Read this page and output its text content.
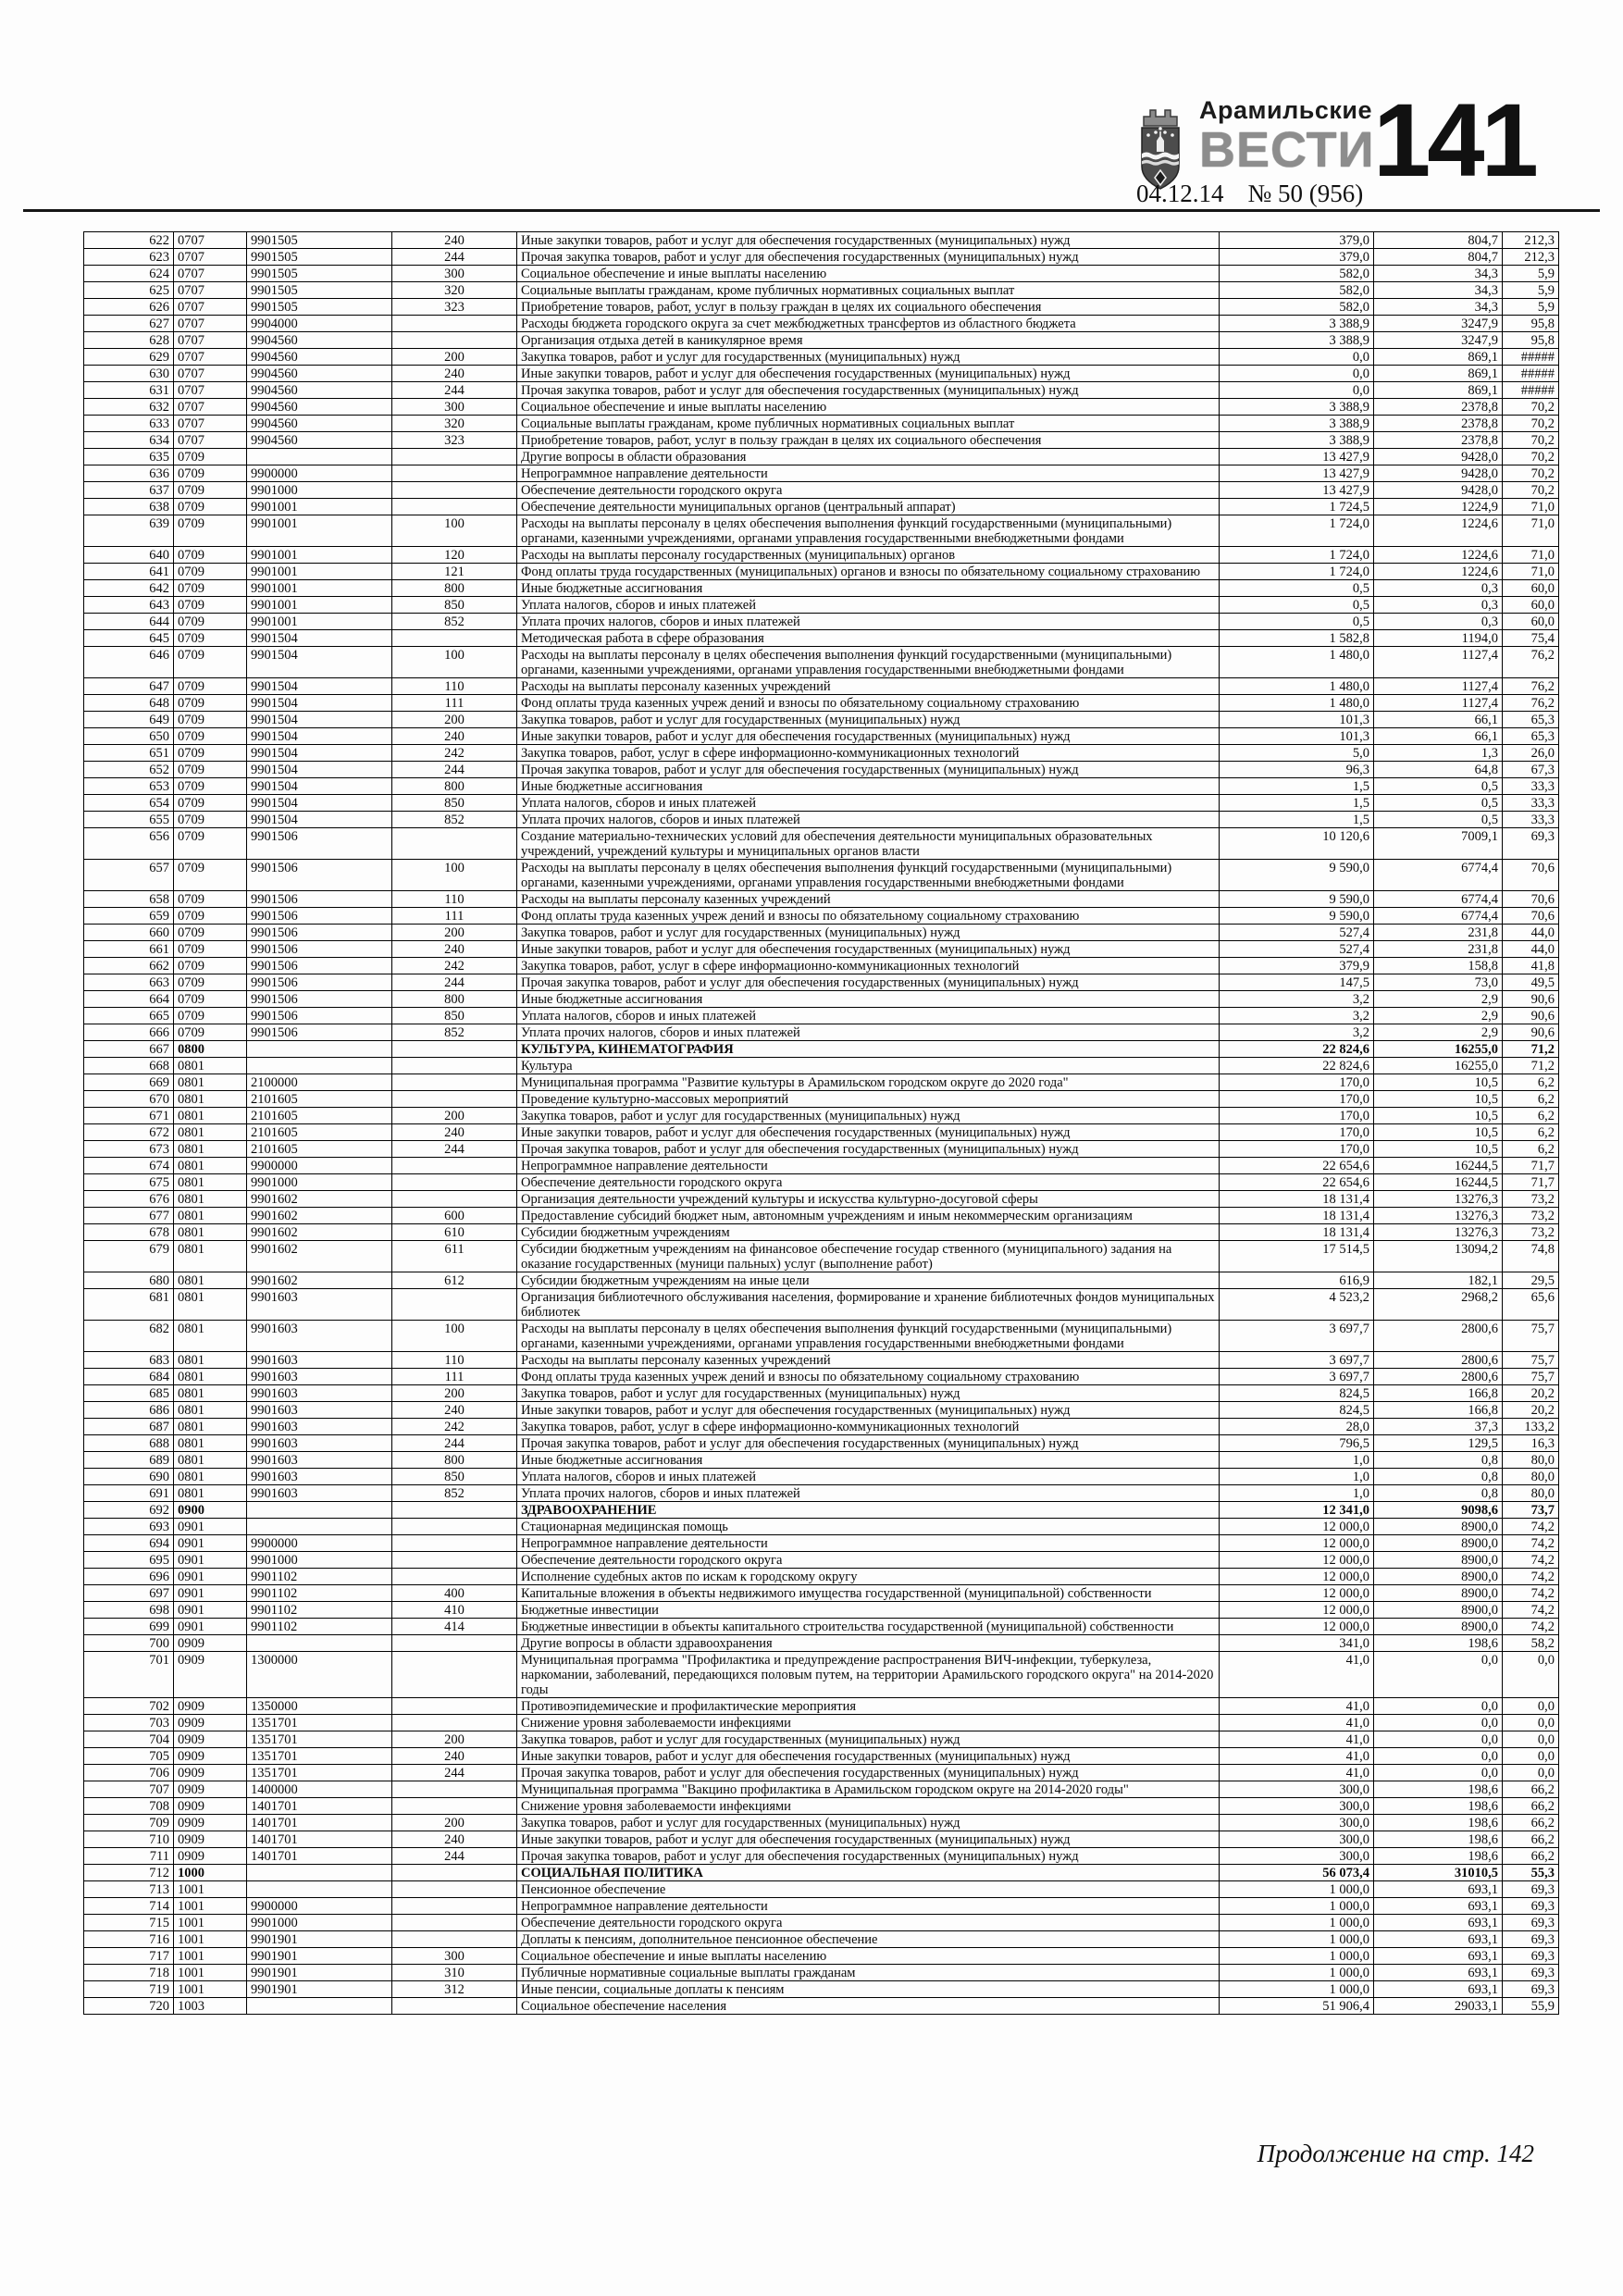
Арамильские
ВЕСТИ
141
04.12.14 № 50 (956)
622	0707	9901505	240	Иные закупки товаров, работ и услуг для обеспечения государственных (муниципальных) нужд	379,0	804,7	212,3
623	0707	9901505	244	Прочая закупка товаров, работ и услуг для обеспечения государственных (муниципальных) нужд	379,0	804,7	212,3
624	0707	9901505	300	Социальное обеспечение и иные выплаты населению	582,0	34,3	5,9
625	0707	9901505	320	Социальные выплаты гражданам, кроме публичных нормативных социальных выплат	582,0	34,3	5,9
626	0707	9901505	323	Приобретение товаров, работ, услуг в пользу граждан в целях их социального обеспечения	582,0	34,3	5,9
627	0707	9904000		Расходы бюджета городского округа за счет межбюджетных трансфертов из областного бюджета	3 388,9	3247,9	95,8
628	0707	9904560		Организация отдыха детей в каникулярное время	3 388,9	3247,9	95,8
629	0707	9904560	200	Закупка товаров, работ и услуг для государственных (муниципальных) нужд	0,0	869,1	#####
630	0707	9904560	240	Иные закупки товаров, работ и услуг для обеспечения государственных (муниципальных) нужд	0,0	869,1	#####
631	0707	9904560	244	Прочая закупка товаров, работ и услуг для обеспечения государственных (муниципальных) нужд	0,0	869,1	#####
632	0707	9904560	300	Социальное обеспечение и иные выплаты населению	3 388,9	2378,8	70,2
633	0707	9904560	320	Социальные выплаты гражданам, кроме публичных нормативных социальных выплат	3 388,9	2378,8	70,2
634	0707	9904560	323	Приобретение товаров, работ, услуг в пользу граждан в целях их социального обеспечения	3 388,9	2378,8	70,2
635	0709			Другие вопросы в области образования	13 427,9	9428,0	70,2
636	0709	9900000		Непрограммное направление деятельности	13 427,9	9428,0	70,2
637	0709	9901000		Обеспечение деятельности городского округа	13 427,9	9428,0	70,2
638	0709	9901001		Обеспечение деятельности муниципальных органов (центральный аппарат)	1 724,5	1224,9	71,0
639	0709	9901001	100	Расходы на выплаты персоналу в целях обеспечения выполнения функций государственными (муниципальными) органами, казенными учреждениями, органами управления государственными внебюджетными фондами	1 724,0	1224,6	71,0
640	0709	9901001	120	Расходы на выплаты персоналу государственных (муниципальных) органов	1 724,0	1224,6	71,0
641	0709	9901001	121	Фонд оплаты труда государственных (муниципальных) органов и взносы по обязательному социальному страхованию	1 724,0	1224,6	71,0
642	0709	9901001	800	Иные бюджетные ассигнования	0,5	0,3	60,0
643	0709	9901001	850	Уплата налогов, сборов и иных платежей	0,5	0,3	60,0
644	0709	9901001	852	Уплата прочих налогов, сборов и иных платежей	0,5	0,3	60,0
645	0709	9901504		Методическая работа в сфере образования	1 582,8	1194,0	75,4
646	0709	9901504	100	Расходы на выплаты персоналу в целях обеспечения выполнения функций государственными (муниципальными) органами, казенными учреждениями, органами управления государственными внебюджетными фондами	1 480,0	1127,4	76,2
647	0709	9901504	110	Расходы на выплаты персоналу казенных учреждений	1 480,0	1127,4	76,2
648	0709	9901504	111	Фонд оплаты труда казенных учреж дений и взносы по обязательному социальному страхованию	1 480,0	1127,4	76,2
649	0709	9901504	200	Закупка товаров, работ и услуг для государственных (муниципальных) нужд	101,3	66,1	65,3
650	0709	9901504	240	Иные закупки товаров, работ и услуг для обеспечения государственных (муниципальных) нужд	101,3	66,1	65,3
651	0709	9901504	242	Закупка товаров, работ, услуг в сфере информационно-коммуникационных технологий	5,0	1,3	26,0
652	0709	9901504	244	Прочая закупка товаров, работ и услуг для обеспечения государственных (муниципальных) нужд	96,3	64,8	67,3
653	0709	9901504	800	Иные бюджетные ассигнования	1,5	0,5	33,3
654	0709	9901504	850	Уплата налогов, сборов и иных платежей	1,5	0,5	33,3
655	0709	9901504	852	Уплата прочих налогов, сборов и иных платежей	1,5	0,5	33,3
656	0709	9901506		Создание материально-технических условий для обеспечения деятельности муниципальных образовательных учреждений, учреждений культуры и муниципальных органов власти	10 120,6	7009,1	69,3
657	0709	9901506	100	Расходы на выплаты персоналу в целях обеспечения выполнения функций государственными (муниципальными) органами, казенными учреждениями, органами управления государственными внебюджетными фондами	9 590,0	6774,4	70,6
658	0709	9901506	110	Расходы на выплаты персоналу казенных учреждений	9 590,0	6774,4	70,6
659	0709	9901506	111	Фонд оплаты труда казенных учреж дений и взносы по обязательному социальному страхованию	9 590,0	6774,4	70,6
660	0709	9901506	200	Закупка товаров, работ и услуг для государственных (муниципальных) нужд	527,4	231,8	44,0
661	0709	9901506	240	Иные закупки товаров, работ и услуг для обеспечения государственных (муниципальных) нужд	527,4	231,8	44,0
662	0709	9901506	242	Закупка товаров, работ, услуг в сфере информационно-коммуникационных технологий	379,9	158,8	41,8
663	0709	9901506	244	Прочая закупка товаров, работ и услуг для обеспечения государственных (муниципальных) нужд	147,5	73,0	49,5
664	0709	9901506	800	Иные бюджетные ассигнования	3,2	2,9	90,6
665	0709	9901506	850	Уплата налогов, сборов и иных платежей	3,2	2,9	90,6
666	0709	9901506	852	Уплата прочих налогов, сборов и иных платежей	3,2	2,9	90,6
667	0800			КУЛЬТУРА, КИНЕМАТОГРАФИЯ	22 824,6	16255,0	71,2
668	0801			Культура	22 824,6	16255,0	71,2
669	0801	2100000		Муниципальная программа "Развитие культуры в Арамильском городском округе до 2020 года"	170,0	10,5	6,2
670	0801	2101605		Проведение культурно-массовых мероприятий	170,0	10,5	6,2
671	0801	2101605	200	Закупка товаров, работ и услуг для государственных (муниципальных) нужд	170,0	10,5	6,2
672	0801	2101605	240	Иные закупки товаров, работ и услуг для обеспечения государственных (муниципальных) нужд	170,0	10,5	6,2
673	0801	2101605	244	Прочая закупка товаров, работ и услуг для обеспечения государственных (муниципальных) нужд	170,0	10,5	6,2
674	0801	9900000		Непрограммное направление деятельности	22 654,6	16244,5	71,7
675	0801	9901000		Обеспечение деятельности городского округа	22 654,6	16244,5	71,7
676	0801	9901602		Организация деятельности учреждений культуры и искусства культурно-досуговой сферы	18 131,4	13276,3	73,2
677	0801	9901602	600	Предоставление субсидий бюджет ным, автономным учреждениям и иным некоммерческим организациям	18 131,4	13276,3	73,2
678	0801	9901602	610	Субсидии бюджетным учреждениям	18 131,4	13276,3	73,2
679	0801	9901602	611	Субсидии бюджетным учреждениям на финансовое обеспечение государ ственного (муниципального) задания на оказание государственных (муници пальных) услуг (выполнение работ)	17 514,5	13094,2	74,8
680	0801	9901602	612	Субсидии бюджетным учреждениям на иные цели	616,9	182,1	29,5
681	0801	9901603		Организация библиотечного обслуживания населения, формирование и хранение библиотечных фондов муниципальных библиотек	4 523,2	2968,2	65,6
682	0801	9901603	100	Расходы на выплаты персоналу в целях обеспечения выполнения функций государственными (муниципальными) органами, казенными учреждениями, органами управления государственными внебюджетными фондами	3 697,7	2800,6	75,7
683	0801	9901603	110	Расходы на выплаты персоналу казенных учреждений	3 697,7	2800,6	75,7
684	0801	9901603	111	Фонд оплаты труда казенных учреж дений и взносы по обязательному социальному страхованию	3 697,7	2800,6	75,7
685	0801	9901603	200	Закупка товаров, работ и услуг для государственных (муниципальных) нужд	824,5	166,8	20,2
686	0801	9901603	240	Иные закупки товаров, работ и услуг для обеспечения государственных (муниципальных) нужд	824,5	166,8	20,2
687	0801	9901603	242	Закупка товаров, работ, услуг в сфере информационно-коммуникационных технологий	28,0	37,3	133,2
688	0801	9901603	244	Прочая закупка товаров, работ и услуг для обеспечения государственных (муниципальных) нужд	796,5	129,5	16,3
689	0801	9901603	800	Иные бюджетные ассигнования	1,0	0,8	80,0
690	0801	9901603	850	Уплата налогов, сборов и иных платежей	1,0	0,8	80,0
691	0801	9901603	852	Уплата прочих налогов, сборов и иных платежей	1,0	0,8	80,0
692	0900			ЗДРАВООХРАНЕНИЕ	12 341,0	9098,6	73,7
693	0901			Стационарная медицинская помощь	12 000,0	8900,0	74,2
694	0901	9900000		Непрограммное направление деятельности	12 000,0	8900,0	74,2
695	0901	9901000		Обеспечение деятельности городского округа	12 000,0	8900,0	74,2
696	0901	9901102		Исполнение судебных актов по искам к городскому округу	12 000,0	8900,0	74,2
697	0901	9901102	400	Капитальные вложения в объекты недвижимого имущества государственной (муниципальной) собственности	12 000,0	8900,0	74,2
698	0901	9901102	410	Бюджетные инвестиции	12 000,0	8900,0	74,2
699	0901	9901102	414	Бюджетные инвестиции в объекты капитального строительства государственной (муниципальной) собственности	12 000,0	8900,0	74,2
700	0909			Другие вопросы в области здравоохранения	341,0	198,6	58,2
701	0909	1300000		Муниципальная программа "Профилактика и предупреждение распространения ВИЧ-инфекции, туберкулеза, наркомании, заболеваний, передающихся половым путем, на территории Арамильского городского округа" на 2014-2020 годы	41,0	0,0	0,0
702	0909	1350000		Противоэпидемические и профилактические мероприятия	41,0	0,0	0,0
703	0909	1351701		Снижение уровня заболеваемости инфекциями	41,0	0,0	0,0
704	0909	1351701	200	Закупка товаров, работ и услуг для государственных (муниципальных) нужд	41,0	0,0	0,0
705	0909	1351701	240	Иные закупки товаров, работ и услуг для обеспечения государственных (муниципальных) нужд	41,0	0,0	0,0
706	0909	1351701	244	Прочая закупка товаров, работ и услуг для обеспечения государственных (муниципальных) нужд	41,0	0,0	0,0
707	0909	1400000		Муниципальная программа "Вакцино профилактика в Арамильском городском округе на 2014-2020 годы"	300,0	198,6	66,2
708	0909	1401701		Снижение уровня заболеваемости инфекциями	300,0	198,6	66,2
709	0909	1401701	200	Закупка товаров, работ и услуг для государственных (муниципальных) нужд	300,0	198,6	66,2
710	0909	1401701	240	Иные закупки товаров, работ и услуг для обеспечения государственных (муниципальных) нужд	300,0	198,6	66,2
711	0909	1401701	244	Прочая закупка товаров, работ и услуг для обеспечения государственных (муниципальных) нужд	300,0	198,6	66,2
712	1000			СОЦИАЛЬНАЯ ПОЛИТИКА	56 073,4	31010,5	55,3
713	1001			Пенсионное обеспечение	1 000,0	693,1	69,3
714	1001	9900000		Непрограммное направление деятельности	1 000,0	693,1	69,3
715	1001	9901000		Обеспечение деятельности городского округа	1 000,0	693,1	69,3
716	1001	9901901		Доплаты к пенсиям, дополнительное пенсионное обеспечение	1 000,0	693,1	69,3
717	1001	9901901	300	Социальное обеспечение и иные выплаты населению	1 000,0	693,1	69,3
718	1001	9901901	310	Публичные нормативные социальные выплаты гражданам	1 000,0	693,1	69,3
719	1001	9901901	312	Иные пенсии, социальные доплаты к пенсиям	1 000,0	693,1	69,3
720	1003			Социальное обеспечение населения	51 906,4	29033,1	55,9
Продолжение на стр. 142
